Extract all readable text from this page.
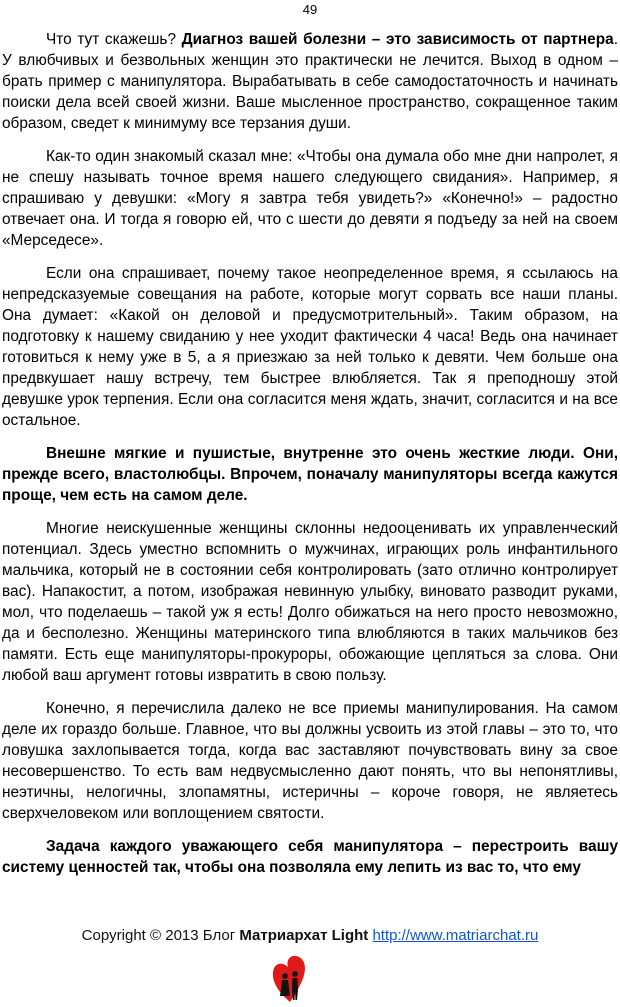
49

Что тут скажешь? Диагноз вашей болезни – это зависимость от партнера. У влюбчивых и безвольных женщин это практически не лечится. Выход в одном – брать пример с манипулятора. Вырабатывать в себе самодостаточность и начинать поиски дела всей своей жизни. Ваше мысленное пространство, сокращенное таким образом, сведет к минимуму все терзания души.

Как-то один знакомый сказал мне: «Чтобы она думала обо мне дни напролет, я не спешу называть точное время нашего следующего свидания». Например, я спрашиваю у девушки: «Могу я завтра тебя увидеть?» «Конечно!» – радостно отвечает она. И тогда я говорю ей, что с шести до девяти я подъеду за ней на своем «Мерседесе».

Если она спрашивает, почему такое неопределенное время, я ссылаюсь на непредсказуемые совещания на работе, которые могут сорвать все наши планы. Она думает: «Какой он деловой и предусмотрительный». Таким образом, на подготовку к нашему свиданию у нее уходит фактически 4 часа! Ведь она начинает готовиться к нему уже в 5, а я приезжаю за ней только к девяти. Чем больше она предвкушает нашу встречу, тем быстрее влюбляется. Так я преподношу этой девушке урок терпения. Если она согласится меня ждать, значит, согласится и на все остальное.

Внешне мягкие и пушистые, внутренне это очень жесткие люди. Они, прежде всего, властолюбцы. Впрочем, поначалу манипуляторы всегда кажутся проще, чем есть на самом деле.

Многие неискушенные женщины склонны недооценивать их управленческий потенциал. Здесь уместно вспомнить о мужчинах, играющих роль инфантильного мальчика, который не в состоянии себя контролировать (зато отлично контролирует вас). Напакостит, а потом, изображая невинную улыбку, виновато разводит руками, мол, что поделаешь – такой уж я есть! Долго обижаться на него просто невозможно, да и бесполезно. Женщины материнского типа влюбляются в таких мальчиков без памяти. Есть еще манипуляторы-прокуроры, обожающие цепляться за слова. Они любой ваш аргумент готовы извратить в свою пользу.

Конечно, я перечислила далеко не все приемы манипулирования. На самом деле их гораздо больше. Главное, что вы должны усвоить из этой главы – это то, что ловушка захлопывается тогда, когда вас заставляют почувствовать вину за свое несовершенство. То есть вам недвусмысленно дают понять, что вы непонятливы, неэтичны, нелогичны, злопамятны, истеричны – короче говоря, не являетесь сверхчеловеком или воплощением святости.

Задача каждого уважающего себя манипулятора – перестроить вашу систему ценностей так, чтобы она позволяла ему лепить из вас то, что ему

Copyright © 2013 Блог Матриархат Light http://www.matriarchat.ru
